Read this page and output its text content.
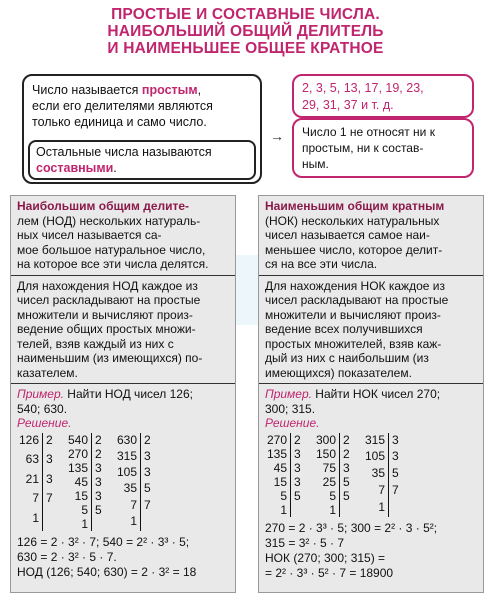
ПРОСТЫЕ И СОСТАВНЫЕ ЧИСЛА.
НАИБОЛЬШИЙ ОБЩИЙ ДЕЛИТЕЛЬ
И НАИМЕНЬШЕЕ ОБЩЕЕ КРАТНОЕ
Число называется простым,
если его делителями являются
только единица и само число.
Остальные числа называются
составными.
2, 3, 5, 13, 17, 19, 23,
29, 31, 37 и т. д.
→ Число 1 не относят ни к
простым, ни к состав-
ным.
Наибольшим общим делите-
лем (НОД) нескольких натураль-
ных чисел называется са-
мое большое натуральное число,
на которое все эти числа делятся.
Для нахождения НОД каждое из
чисел раскладывают на простые
множители и вычисляют произ-
ведение общих простых множи-
телей, взяв каждый из них с
наименьшим (из имеющихся) по-
казателем.
Пример. Найти НОД чисел 126;
540; 630.
Решение.
126 2
63 3
21 3
7 7
1
540 2
270 2
135 3
45 3
15 3
5 5
1
630 2
315 3
105 3
35 5
7 7
1
126 = 2 · 3² · 7; 540 = 2² · 3³ · 5;
630 = 2 · 3² · 5 · 7.
НОД (126; 540; 630) = 2 · 3² = 18
Наименьшим общим кратным
(НОК) нескольких натуральных
чисел называется самое наи-
меньшее число, которое делит-
ся на все эти числа.
Для нахождения НОК каждое из
чисел раскладывают на простые
множители и вычисляют произ-
ведение всех получившихся
простых множителей, взяв каж-
дый из них с наибольшим (из
имеющихся) показателем.
Пример. Найти НОК чисел 270;
300; 315.
Решение.
270 2
135 3
45 3
15 3
5 5
1
300 2
150 2
75 3
25 5
5 5
1
315 3
105 3
35 5
7 7
1
270 = 2 · 3³ · 5; 300 = 2² · 3 · 5²;
315 = 3² · 5 · 7
НОК (270; 300; 315) =
= 2² · 3³ · 5² · 7 = 18900
